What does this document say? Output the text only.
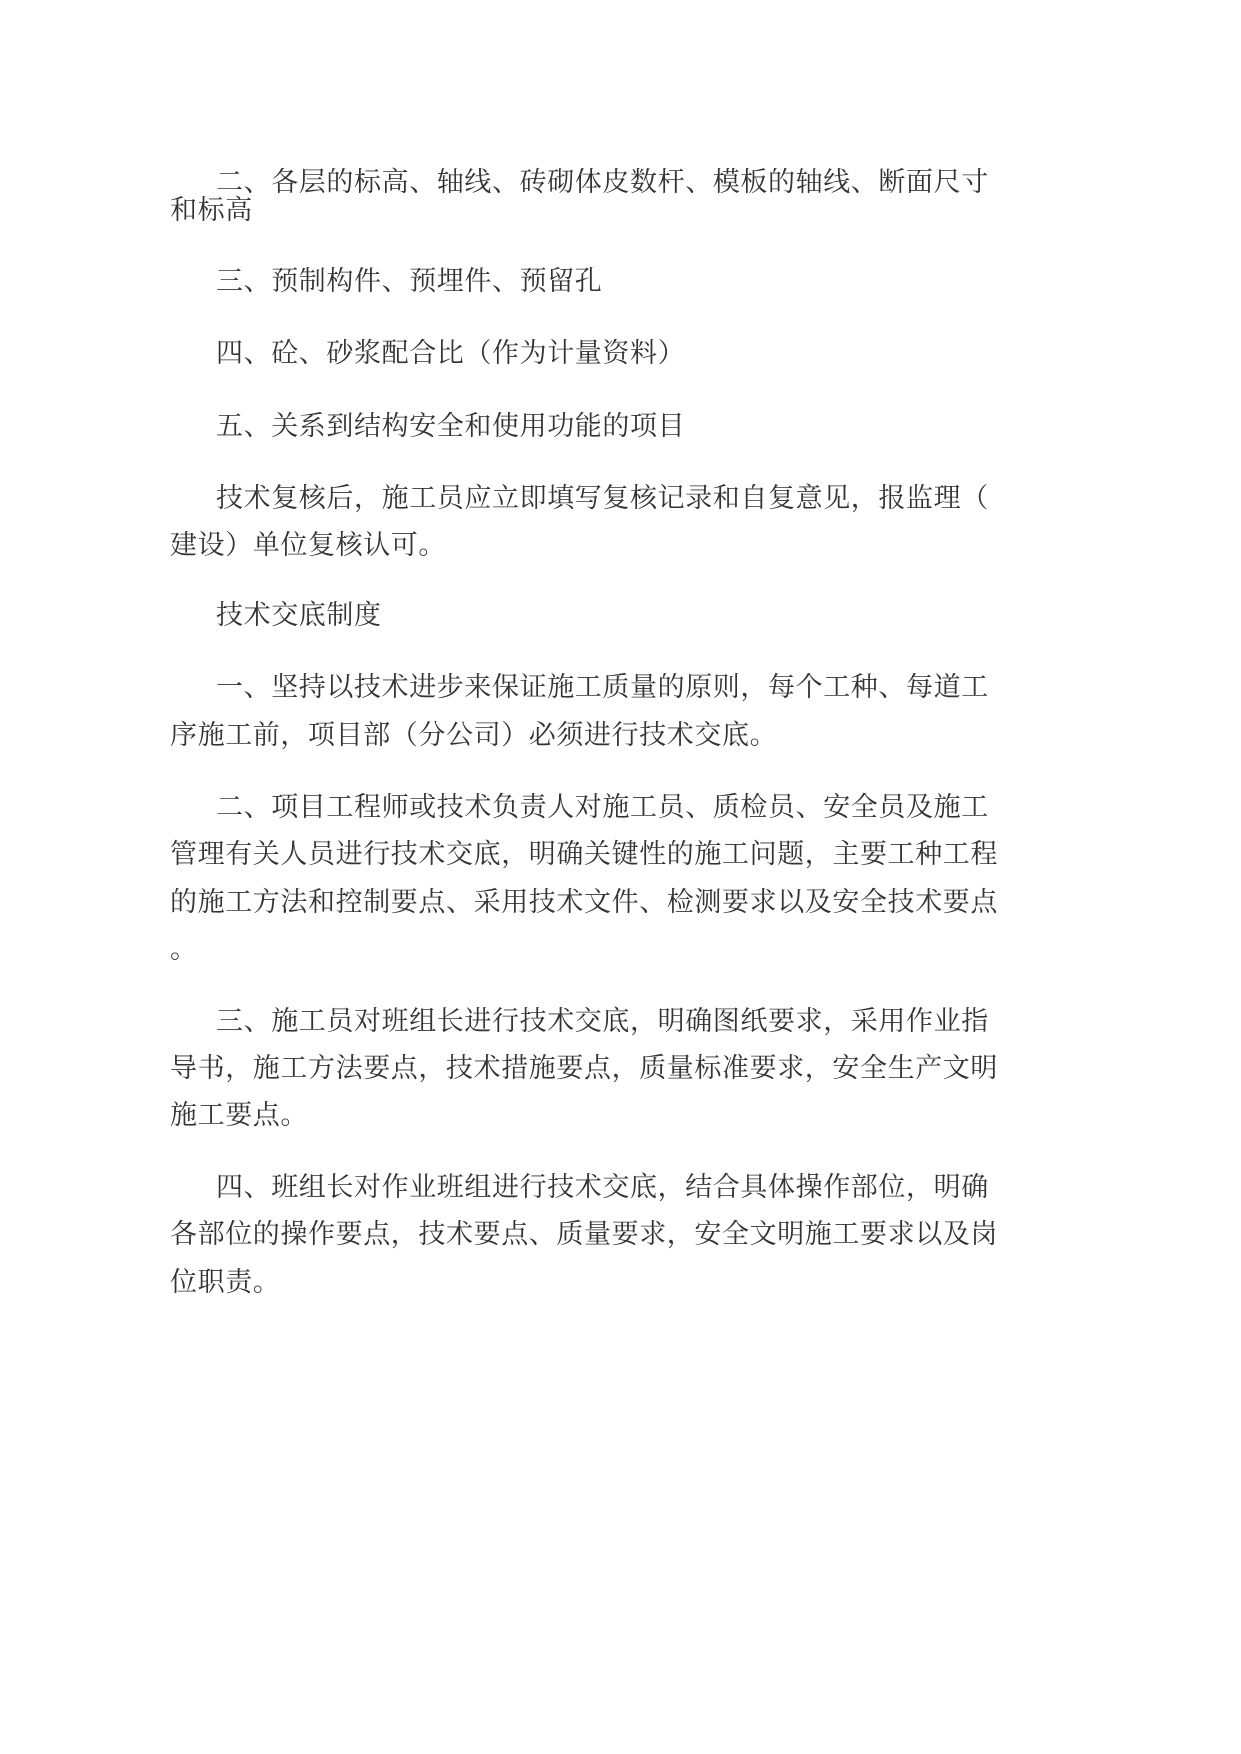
二、各层的标高、轴线、砖砌体皮数杆、模板的轴线、断面尺寸

和标高

三、预制构件、预埋件、预留孔

四、砼、砂浆配合比（作为计量资料）

五、关系到结构安全和使用功能的项目

技术复核后，施工员应立即填写复核记录和自复意见，报监理（

建设）单位复核认可。

技术交底制度

一、坚持以技术进步来保证施工质量的原则，每个工种、每道工

序施工前，项目部（分公司）必须进行技术交底。

二、项目工程师或技术负责人对施工员、质检员、安全员及施工

管理有关人员进行技术交底，明确关键性的施工问题，主要工种工程

的施工方法和控制要点、采用技术文件、检测要求以及安全技术要点

。

三、施工员对班组长进行技术交底，明确图纸要求，采用作业指

导书，施工方法要点，技术措施要点，质量标准要求，安全生产文明

施工要点。

四、班组长对作业班组进行技术交底，结合具体操作部位，明确

各部位的操作要点，技术要点、质量要求，安全文明施工要求以及岗

位职责。
